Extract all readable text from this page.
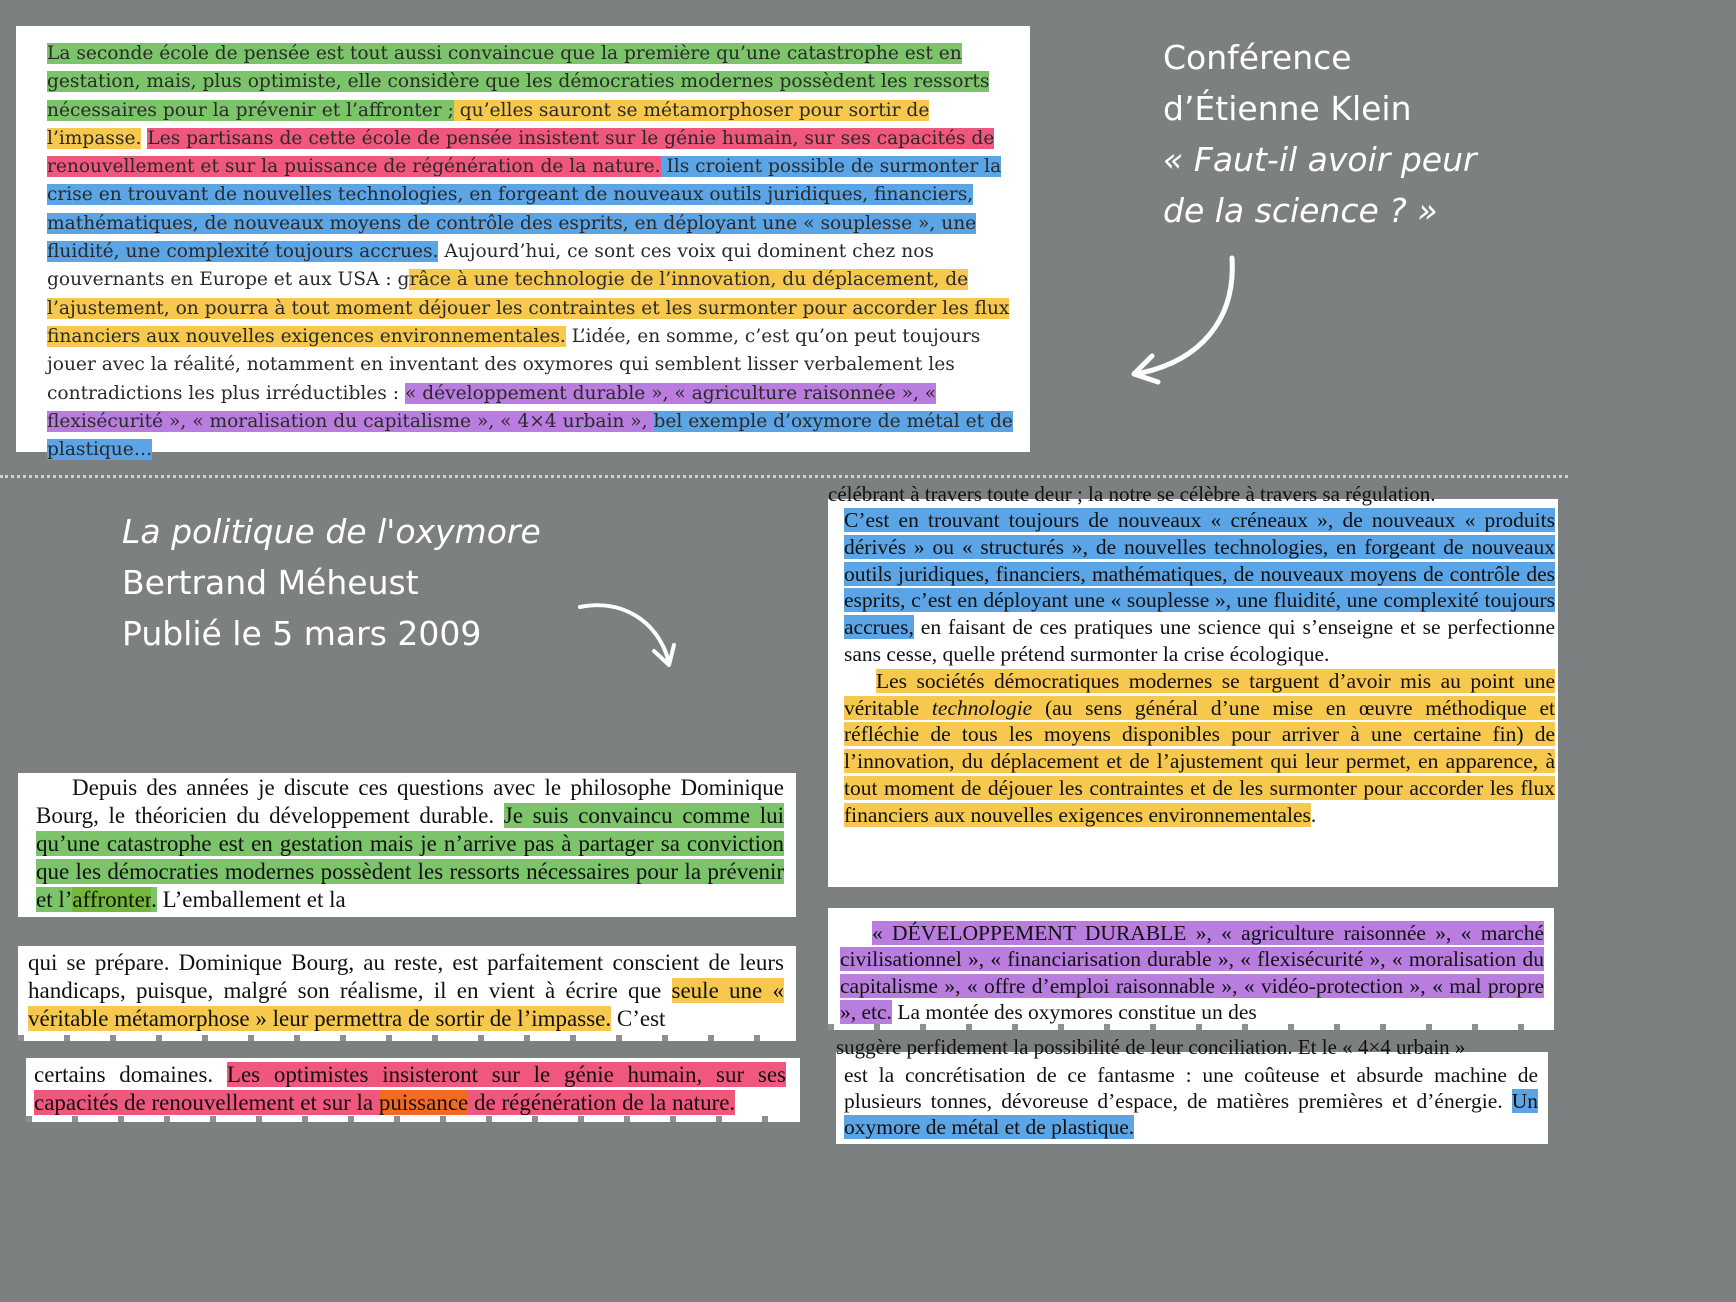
La seconde école de pensée est tout aussi convaincue que la première qu’une catastrophe est en gestation, mais, plus optimiste, elle considère que les démocraties modernes possèdent les ressorts nécessaires pour la prévenir et l’affronter ; qu’elles sauront se métamorphoser pour sortir de l’impasse. Les partisans de cette école de pensée insistent sur le génie humain, sur ses capacités de renouvellement et sur la puissance de régénération de la nature. Ils croient possible de surmonter la crise en trouvant de nouvelles technologies, en forgeant de nouveaux outils juridiques, financiers, mathématiques, de nouveaux moyens de contrôle des esprits, en déployant une « souplesse », une fluidité, une complexité toujours accrues. Aujourd’hui, ce sont ces voix qui dominent chez nos gouvernants en Europe et aux USA : grâce à une technologie de l’innovation, du déplacement, de l’ajustement, on pourra à tout moment déjouer les contraintes et les surmonter pour accorder les flux financiers aux nouvelles exigences environnementales. L’idée, en somme, c’est qu’on peut toujours jouer avec la réalité, notamment en inventant des oxymores qui semblent lisser verbalement les contradictions les plus irréductibles : « développement durable », « agriculture raisonnée », « flexisécurité », « moralisation du capitalisme », « 4×4 urbain », bel exemple d’oxymore de métal et de plastique…
Conférence
d’Étienne Klein
« Faut-il avoir peur
de la science ? »
La politique de l'oxymore
Bertrand Méheust
Publié le 5 mars 2009
Depuis des années je discute ces questions avec le philosophe Dominique Bourg, le théoricien du développement durable. Je suis convaincu comme lui qu’une catastrophe est en gestation mais je n’arrive pas à partager sa conviction que les démocraties modernes possèdent les ressorts nécessaires pour la prévenir et l’affronter. L’emballement et la
qui se prépare. Dominique Bourg, au reste, est parfaitement conscient de leurs handicaps, puisque, malgré son réalisme, il en vient à écrire que seule une « véritable métamorphose » leur permettra de sortir de l’impasse. C’est
certains domaines. Les optimistes insisteront sur le génie humain, sur ses capacités de renouvellement et sur la puissance de régénération de la nature.
célébrant à travers toute deur ; la notre se célèbre à travers sa régulation.
C’est en trouvant toujours de nouveaux « créneaux », de nouveaux « produits dérivés » ou « structurés », de nouvelles technologies, en forgeant de nouveaux outils juridiques, financiers, mathématiques, de nouveaux moyens de contrôle des esprits, c’est en déployant une « souplesse », une fluidité, une complexité toujours accrues, en faisant de ces pratiques une science qui s’enseigne et se perfectionne sans cesse, quelle prétend surmonter la crise écologique.
Les sociétés démocratiques modernes se targuent d’avoir mis au point une véritable technologie (au sens général d’une mise en œuvre méthodique et réfléchie de tous les moyens disponibles pour arriver à une certaine fin) de l’innovation, du déplacement et de l’ajustement qui leur permet, en apparence, à tout moment de déjouer les contraintes et de les surmonter pour accorder les flux financiers aux nouvelles exigences environnementales.
« DÉVELOPPEMENT DURABLE », « agriculture raisonnée », « marché civilisationnel », « financiarisation durable », « flexisécurité », « moralisation du capitalisme », « offre d’emploi raisonnable », « vidéo-protection », « mal propre », etc. La montée des oxymores constitue un des
suggère perfidement la possibilité de leur conciliation. Et le « 4×4 urbain »
est la concrétisation de ce fantasme : une coûteuse et absurde machine de plusieurs tonnes, dévoreuse d’espace, de matières premières et d’énergie. Un oxymore de métal et de plastique.
